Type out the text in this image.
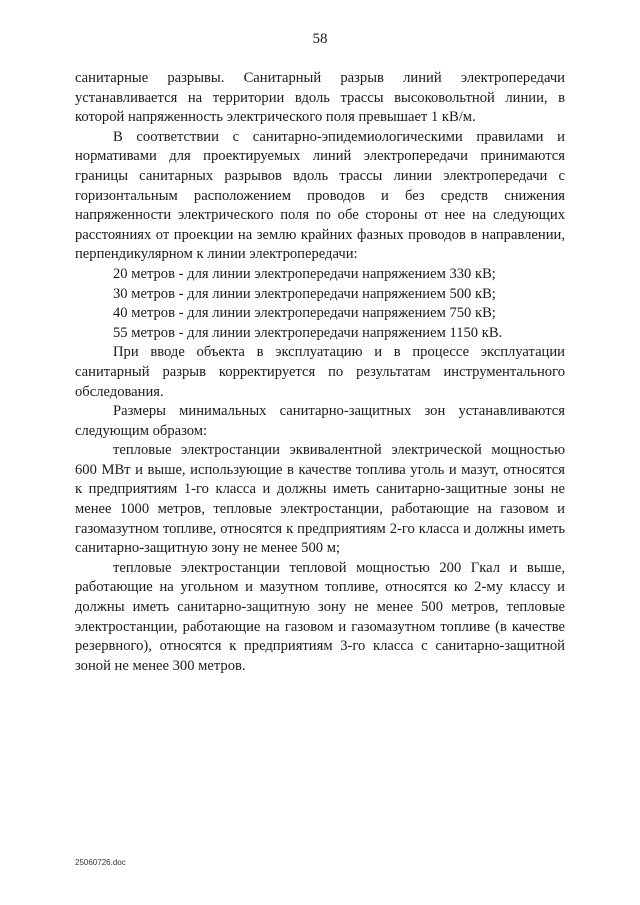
58

санитарные разрывы. Санитарный разрыв линий электропередачи устанавливается на территории вдоль трассы высоковольтной линии, в которой напряженность электрического поля превышает 1 кВ/м.

В соответствии с санитарно-эпидемиологическими правилами и нормативами для проектируемых линий электропередачи принимаются границы санитарных разрывов вдоль трассы линии электропередачи с горизонтальным расположением проводов и без средств снижения напряженности электрического поля по обе стороны от нее на следующих расстояниях от проекции на землю крайних фазных проводов в направлении, перпендикулярном к линии электропередачи:

20 метров - для линии электропередачи напряжением 330 кВ;

30 метров - для линии электропередачи напряжением 500 кВ;

40 метров - для линии электропередачи напряжением 750 кВ;

55 метров - для линии электропередачи напряжением 1150 кВ.

При вводе объекта в эксплуатацию и в процессе эксплуатации санитарный разрыв корректируется по результатам инструментального обследования.

Размеры минимальных санитарно-защитных зон устанавливаются следующим образом:

тепловые электростанции эквивалентной электрической мощностью 600 МВт и выше, использующие в качестве топлива уголь и мазут, относятся к предприятиям 1-го класса и должны иметь санитарно-защитные зоны не менее 1000 метров, тепловые электростанции, работающие на газовом и газомазутном топливе, относятся к предприятиям 2-го класса и должны иметь санитарно-защитную зону не менее 500 м;

тепловые электростанции тепловой мощностью 200 Гкал и выше, работающие на угольном и мазутном топливе, относятся ко 2-му классу и должны иметь санитарно-защитную зону не менее 500 метров, тепловые электростанции, работающие на газовом и газомазутном топливе (в качестве резервного), относятся к предприятиям 3-го класса с санитарно-защитной зоной не менее 300 метров.

25060726.doc
